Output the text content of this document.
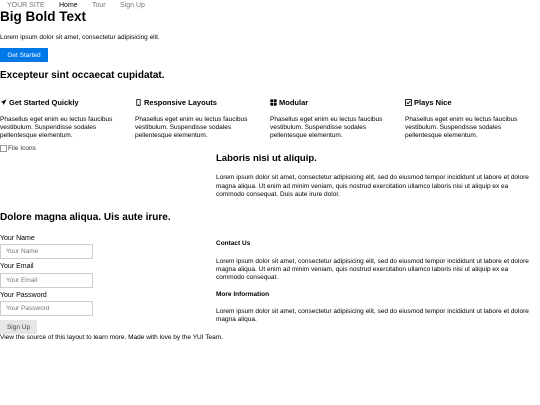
YOUR SITE Home Tour Sign Up
Big Bold Text

Lorem ipsum dolor sit amet, consectetur adipisicing elit.

Get Started
Excepteur sint occaecat cupidatat.

Get Started Quickly

Phasellus eget enim eu lectus faucibus vestibulum. Suspendisse sodales pellentesque elementum.

Responsive Layouts

Phasellus eget enim eu lectus faucibus vestibulum. Suspendisse sodales pellentesque elementum.

Modular

Phasellus eget enim eu lectus faucibus vestibulum. Suspendisse sodales pellentesque elementum.

Plays Nice

Phasellus eget enim eu lectus faucibus vestibulum. Suspendisse sodales pellentesque elementum.

File Icons
Laboris nisi ut aliquip.

Lorem ipsum dolor sit amet, consectetur adipisicing elit, sed do eiusmod tempor incididunt ut labore et dolore magna aliqua. Ut enim ad minim veniam, quis nostrud exercitation ullamco laboris nisi ut aliquip ex ea commodo consequat. Duis aute irure dolor.

Dolore magna aliqua. Uis aute irure.
Your Name
Your Name
Your Email
Your Email
Your Password
Sign Up

Contact Us

Lorem ipsum dolor sit amet, consectetur adipisicing elit, sed do eiusmod tempor incididunt ut labore et dolore magna aliqua. Ut enim ad minim veniam, quis nostrud exercitation ullamco laboris nisi ut aliquip ex ea commodo consequat.

More Information

Lorem ipsum dolor sit amet, consectetur adipisicing elit, sed do eiusmod tempor incididunt ut labore et dolore magna aliqua.

View the source of this layout to learn more. Made with love by the YUI Team.
